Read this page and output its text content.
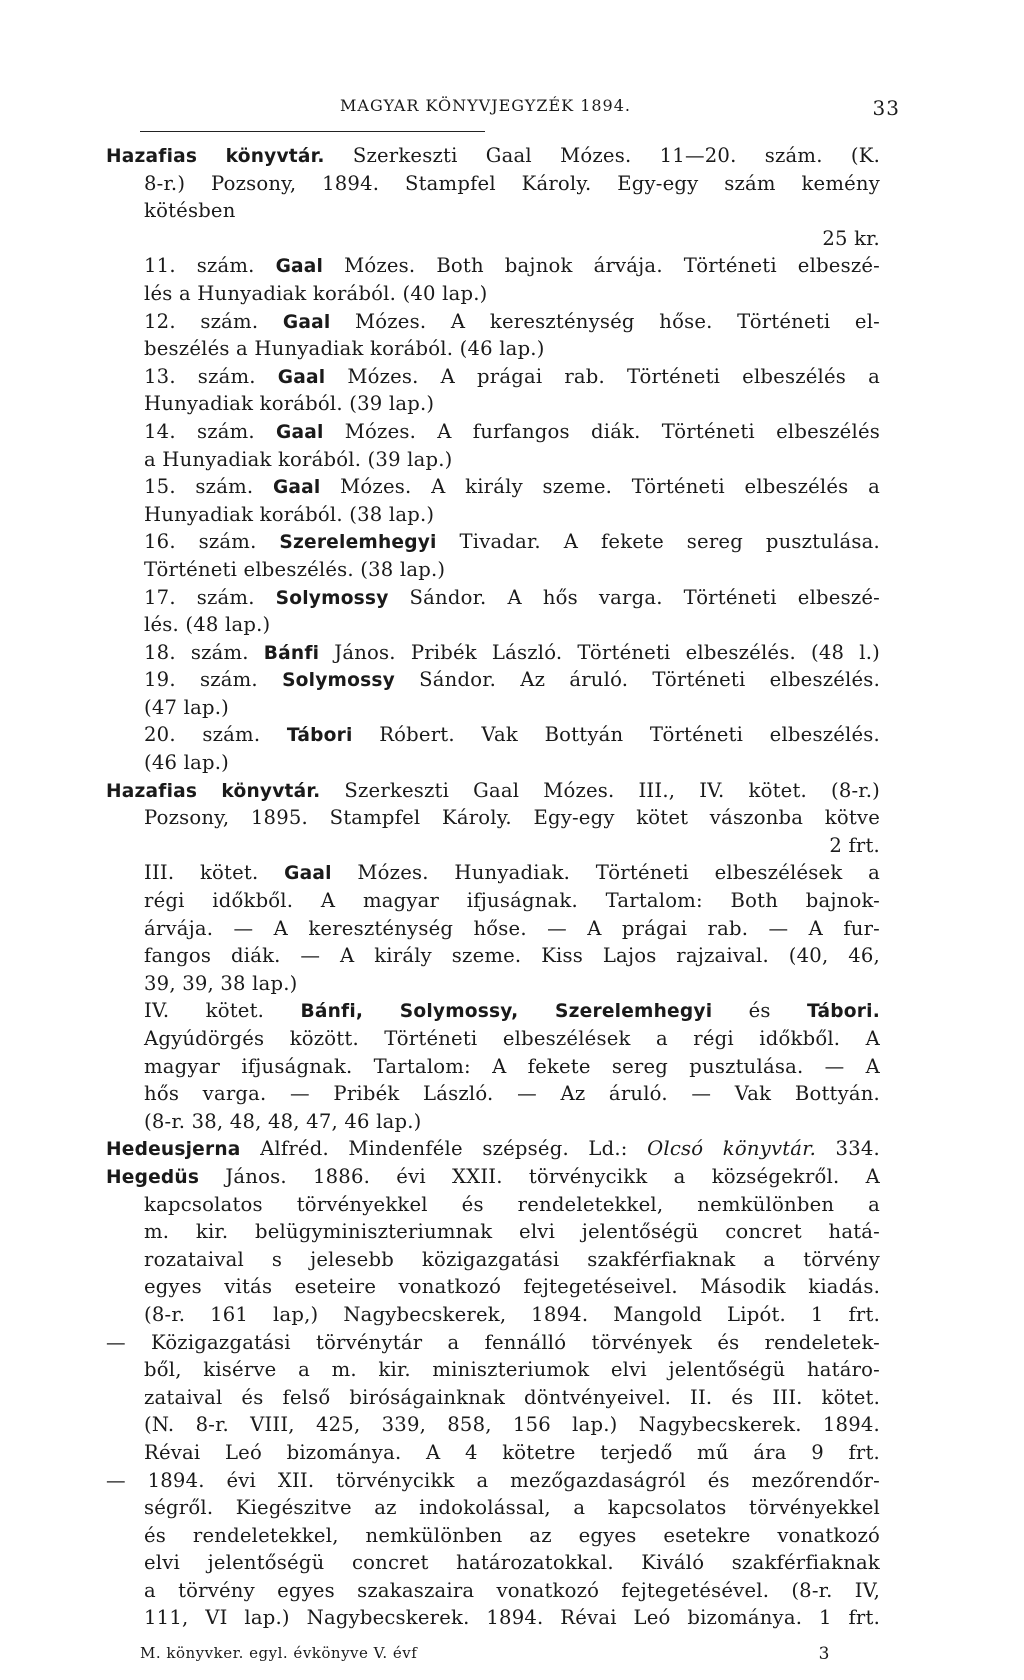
MAGYAR KÖNYVJEGYZÉK 1894.	33
Hazafias könyvtár. Szerkeszti Gaal Mózes. 11—20. szám. (K.
8-r.) Pozsony, 1894. Stampfel Károly. Egy-egy szám kemény
kötésben
25 kr.
11. szám. Gaal Mózes. Both bajnok árvája. Történeti elbeszé-
lés a Hunyadiak korából. (40 lap.)
12. szám. Gaal Mózes. A kereszténység hőse. Történeti el-
beszélés a Hunyadiak korából. (46 lap.)
13. szám. Gaal Mózes. A prágai rab. Történeti elbeszélés a
Hunyadiak korából. (39 lap.)
14. szám. Gaal Mózes. A furfangos diák. Történeti elbeszélés
a Hunyadiak korából. (39 lap.)
15. szám. Gaal Mózes. A király szeme. Történeti elbeszélés a
Hunyadiak korából. (38 lap.)
16. szám. Szerelemhegyi Tivadar. A fekete sereg pusztulása.
Történeti elbeszélés. (38 lap.)
17. szám. Solymossy Sándor. A hős varga. Történeti elbeszé-
lés. (48 lap.)
18. szám. Bánfi János. Pribék László. Történeti elbeszélés. (48 l.)
19. szám. Solymossy Sándor. Az áruló. Történeti elbeszélés.
(47 lap.)
20. szám. Tábori Róbert. Vak Bottyán Történeti elbeszélés.
(46 lap.)
Hazafias könyvtár. Szerkeszti Gaal Mózes. III., IV. kötet. (8-r.)
Pozsony, 1895. Stampfel Károly. Egy-egy kötet vászonba kötve
2 frt.
III. kötet. Gaal Mózes. Hunyadiak. Történeti elbeszélések a
régi időkből. A magyar ifjuságnak. Tartalom: Both bajnok-
árvája. — A kereszténység hőse. — A prágai rab. — A fur-
fangos diák. — A király szeme. Kiss Lajos rajzaival. (40, 46,
39, 39, 38 lap.)
IV. kötet. Bánfi, Solymossy, Szerelemhegyi és Tábori.
Agyúdörgés között. Történeti elbeszélések a régi időkből. A
magyar ifjuságnak. Tartalom: A fekete sereg pusztulása. — A
hős varga. — Pribék László. — Az áruló. — Vak Bottyán.
(8-r. 38, 48, 48, 47, 46 lap.)
Hedeusjerna Alfréd. Mindenféle szépség. Ld.: Olcsó könyvtár. 334.
Hegedüs János. 1886. évi XXII. törvénycikk a községekről. A
kapcsolatos törvényekkel és rendeletekkel, nemkülönben a
m. kir. belügyminiszteriumnak elvi jelentőségü concret hatá-
rozataival s jelesebb közigazgatási szakférfiaknak a törvény
egyes vitás eseteire vonatkozó fejtegetéseivel. Második kiadás.
(8-r. 161 lap,) Nagybecskerek, 1894. Mangold Lipót. 1 frt.
— Közigazgatási törvénytár a fennálló törvények és rendeletek-
ből, kisérve a m. kir. miniszteriumok elvi jelentőségü határo-
zataival és felső biróságainknak döntvényeivel. II. és III. kötet.
(N. 8-r. VIII, 425, 339, 858, 156 lap.) Nagybecskerek. 1894.
Révai Leó bizománya. A 4 kötetre terjedő mű ára 9 frt.
— 1894. évi XII. törvénycikk a mezőgazdaságról és mezőrendőr-
ségről. Kiegészitve az indokolással, a kapcsolatos törvényekkel
és rendeletekkel, nemkülönben az egyes esetekre vonatkozó
elvi jelentőségü concret határozatokkal. Kiváló szakférfiaknak
a törvény egyes szakaszaira vonatkozó fejtegetésével. (8-r. IV,
111, VI lap.) Nagybecskerek. 1894. Révai Leó bizománya. 1 frt.
M. könyvker. egyl. évkönyve V. évf	3
